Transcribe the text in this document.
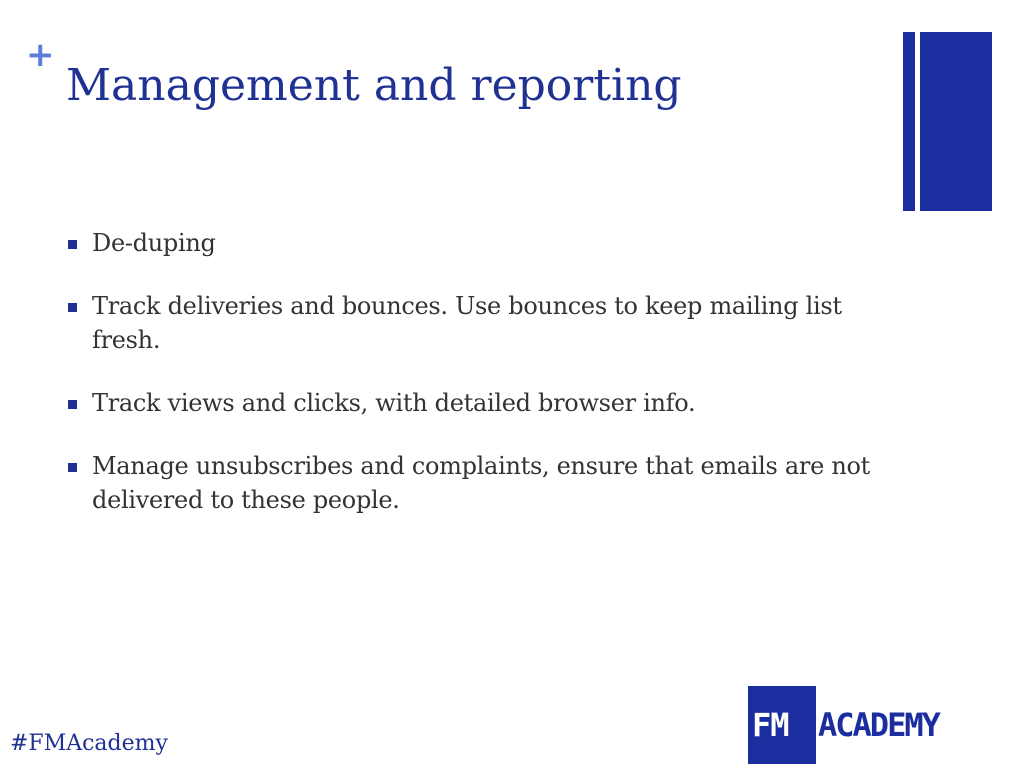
+
Management and reporting
De-duping
Track deliveries and bounces. Use bounces to keep mailing list fresh.
Track views and clicks, with detailed browser info.
Manage unsubscribes and complaints, ensure that emails are not delivered to these people.
#FMAcademy	FM ACADEMY
